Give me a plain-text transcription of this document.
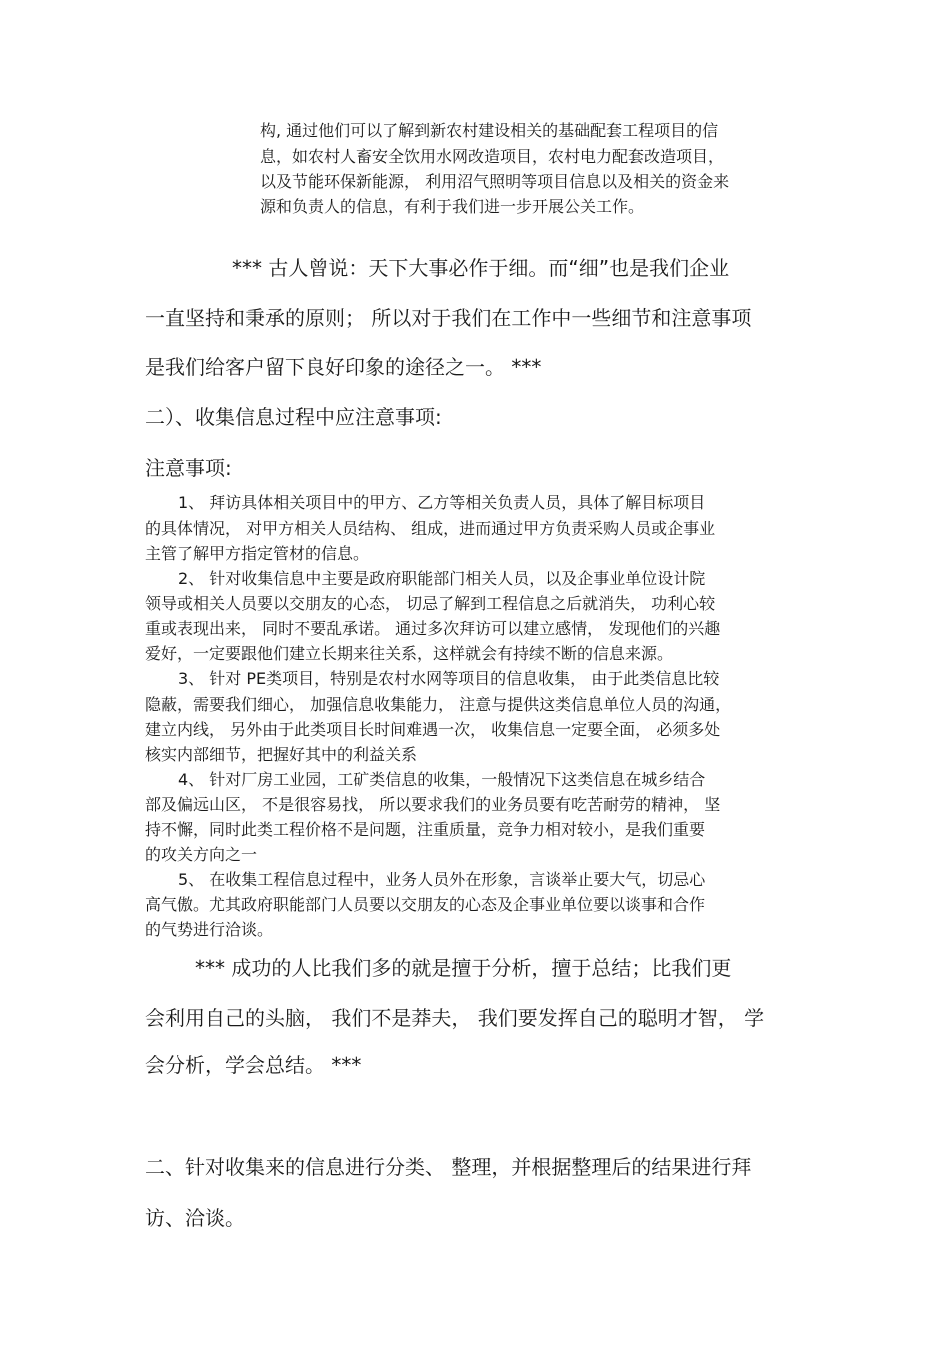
构, 通过他们可以了解到新农村建设相关的基础配套工程项目的信

息，如农村人畜安全饮用水网改造项目，农村电力配套改造项目，

以及节能环保新能源， 利用沼气照明等项目信息以及相关的资金来

源和负责人的信息，有利于我们进一步开展公关工作。

*** 古人曾说：天下大事必作于细。而“细”也是我们企业

一直坚持和秉承的原则； 所以对于我们在工作中一些细节和注意事项

是我们给客户留下良好印象的途径之一。 ***

二）、收集信息过程中应注意事项:

注意事项:

1、 拜访具体相关项目中的甲方、乙方等相关负责人员，具体了解目标项目

的具体情况， 对甲方相关人员结构、 组成，进而通过甲方负责采购人员或企事业

主管了解甲方指定管材的信息。

2、 针对收集信息中主要是政府职能部门相关人员，以及企事业单位设计院

领导或相关人员要以交朋友的心态， 切忌了解到工程信息之后就消失， 功利心较

重或表现出来， 同时不要乱承诺。 通过多次拜访可以建立感情， 发现他们的兴趣

爱好，一定要跟他们建立长期来往关系，这样就会有持续不断的信息来源。

3、 针对 PE类项目，特别是农村水网等项目的信息收集， 由于此类信息比较

隐蔽，需要我们细心， 加强信息收集能力， 注意与提供这类信息单位人员的沟通，

建立内线， 另外由于此类项目长时间难遇一次， 收集信息一定要全面， 必须多处

核实内部细节，把握好其中的利益关系

4、 针对厂房工业园，工矿类信息的收集，一般情况下这类信息在城乡结合

部及偏远山区， 不是很容易找， 所以要求我们的业务员要有吃苦耐劳的精神， 坚

持不懈，同时此类工程价格不是问题，注重质量，竞争力相对较小，是我们重要

的攻关方向之一

5、 在收集工程信息过程中，业务人员外在形象，言谈举止要大气，切忌心

高气傲。尤其政府职能部门人员要以交朋友的心态及企事业单位要以谈事和合作

的气势进行洽谈。

*** 成功的人比我们多的就是擅于分析，擅于总结；比我们更

会利用自己的头脑， 我们不是莽夫， 我们要发挥自己的聪明才智， 学

会分析，学会总结。 ***

二、针对收集来的信息进行分类、 整理，并根据整理后的结果进行拜

访、洽谈。
